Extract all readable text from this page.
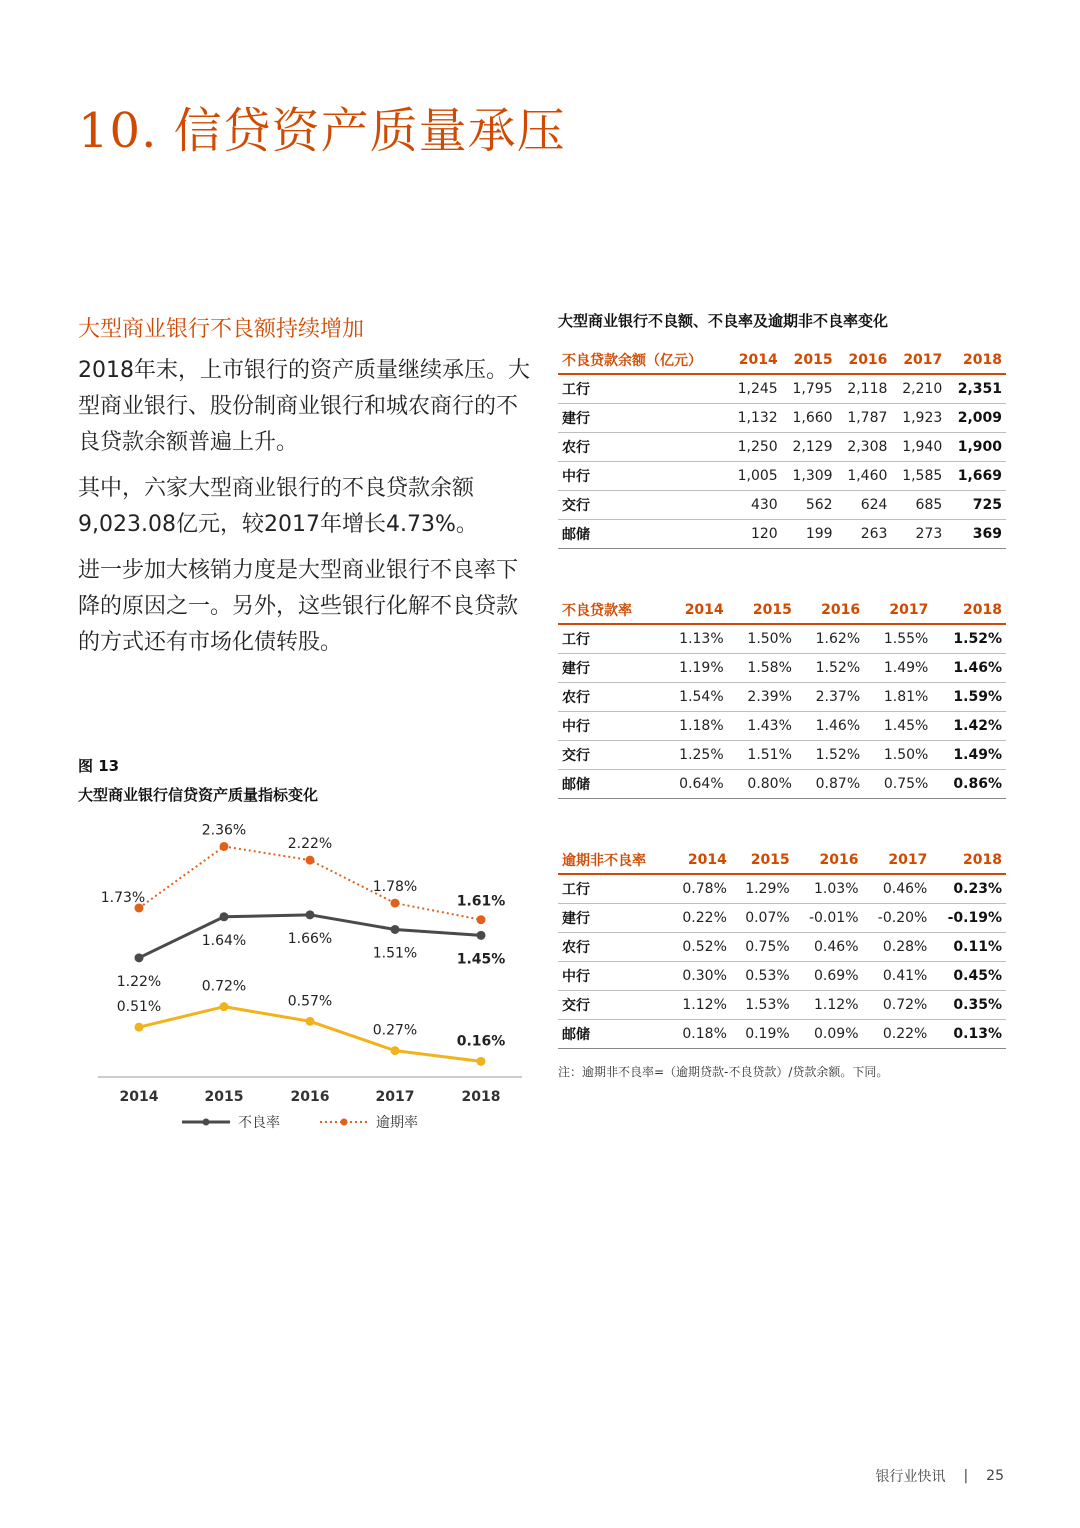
10. 信贷资产质量承压
大型商业银行不良额持续增加

2018年末，上市银行的资产质量继续承压。大型商业银行、股份制商业银行和城农商行的不良贷款余额普遍上升。

其中，六家大型商业银行的不良贷款余额9,023.08亿元，较2017年增长4.73%。

进一步加大核销力度是大型商业银行不良率下降的原因之一。另外，这些银行化解不良贷款的方式还有市场化债转股。

图 13
大型商业银行信贷资产质量指标变化
2014	2015	2016	2017	2018
1.73%
2.36%
2.22%
1.78%
1.61%
1.22%
1.64%	1.66%
1.51%	1.45%
0.51%
0.72%
0.57%
0.27%
0.16%
不良率	逾期率
大型商业银行不良额、不良率及逾期非不良率变化
不良贷款余额（亿元）	2014	2015	2016	2017	2018
工行	1,245	1,795	2,118	2,210	2,351
建行	1,132	1,660	1,787	1,923	2,009
农行	1,250	2,129	2,308	1,940	1,900
中行	1,005	1,309	1,460	1,585	1,669
交行	430	562	624	685	725
邮储	120	199	263	273	369
不良贷款率	2014	2015	2016	2017	2018
工行	1.13%	1.50%	1.62%	1.55%	1.52%
建行	1.19%	1.58%	1.52%	1.49%	1.46%
农行	1.54%	2.39%	2.37%	1.81%	1.59%
中行	1.18%	1.43%	1.46%	1.45%	1.42%
交行	1.25%	1.51%	1.52%	1.50%	1.49%
邮储	0.64%	0.80%	0.87%	0.75%	0.86%
逾期非不良率	2014	2015	2016	2017	2018
工行	0.78%	1.29%	1.03%	0.46%	0.23%
建行	0.22%	0.07%	-0.01%	-0.20%	-0.19%
农行	0.52%	0.75%	0.46%	0.28%	0.11%
中行	0.30%	0.53%	0.69%	0.41%	0.45%
交行	1.12%	1.53%	1.12%	0.72%	0.35%
邮储	0.18%	0.19%	0.09%	0.22%	0.13%
注：逾期非不良率=（逾期贷款-不良贷款）/贷款余额。下同。
银行业快讯 | 25
